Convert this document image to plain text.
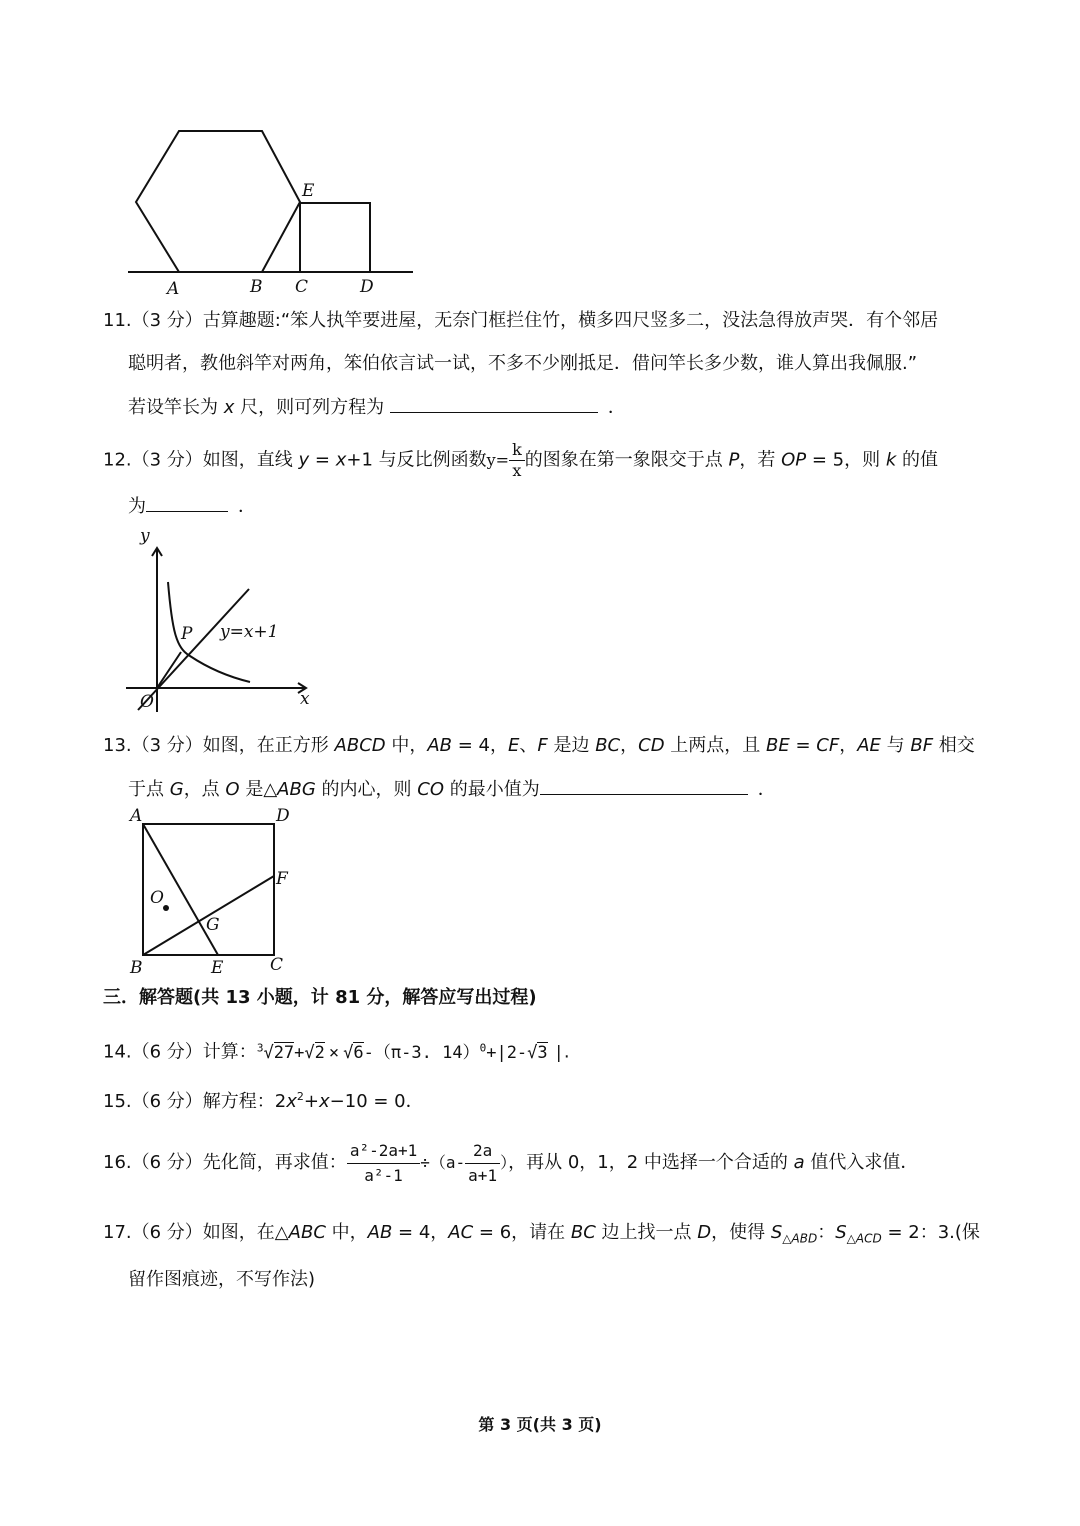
E
A	B C	D
11.（3 分）古算趣题:“笨人执竿要进屋，无奈门框拦住竹，横多四尺竖多二，没法急得放声哭．有个邻居
聪明者，教他斜竿对两角，笨伯依言试一试，不多不少刚抵足．借问竿长多少数，谁人算出我佩服.”
若设竿长为 x 尺，则可列方程为	．
12.（3 分）如图，直线 y = x+1 与反比例函数$y= \frac{k}{x}$ 的图象在第一象限交于点 P，若 OP = 5，则 k 的值
为	．
y
x
O
P y=x+1
13.（3 分）如图，在正方形 ABCD 中，AB = 4，E、F 是边 BC，CD 上两点，且 BE = CF，AE 与 BF 相交
于点 G，点 O 是△ABG 的内心，则 CO 的最小值为	．
A	D
F
O
G
B	E	C
三．解答题(共 13 小题，计 81 分，解答应写出过程)
14.（6 分）计算：$^3$√27+√2 × √6-（π-3. 14）$^0$+|2-√3 |.
15.（6 分）解方程：$2x^2+x-10 = 0$．
16.（6 分）先化简，再求值： $\frac{\text{a²-2a+1}}{\text{a²-1}} \div(a- \frac{2a}{a+1}$ ），再从 0，1，2 中选择一个合适的 a 值代入求值．
17.（6 分）如图，在△ABC 中，AB = 4，AC = 6，请在 BC 边上找一点 D，使得 $S_{\triangle ABD}$：$S_{\triangle ACD} = 2$：3.(保
留作图痕迹，不写作法)
第 3 页(共 3 页)
